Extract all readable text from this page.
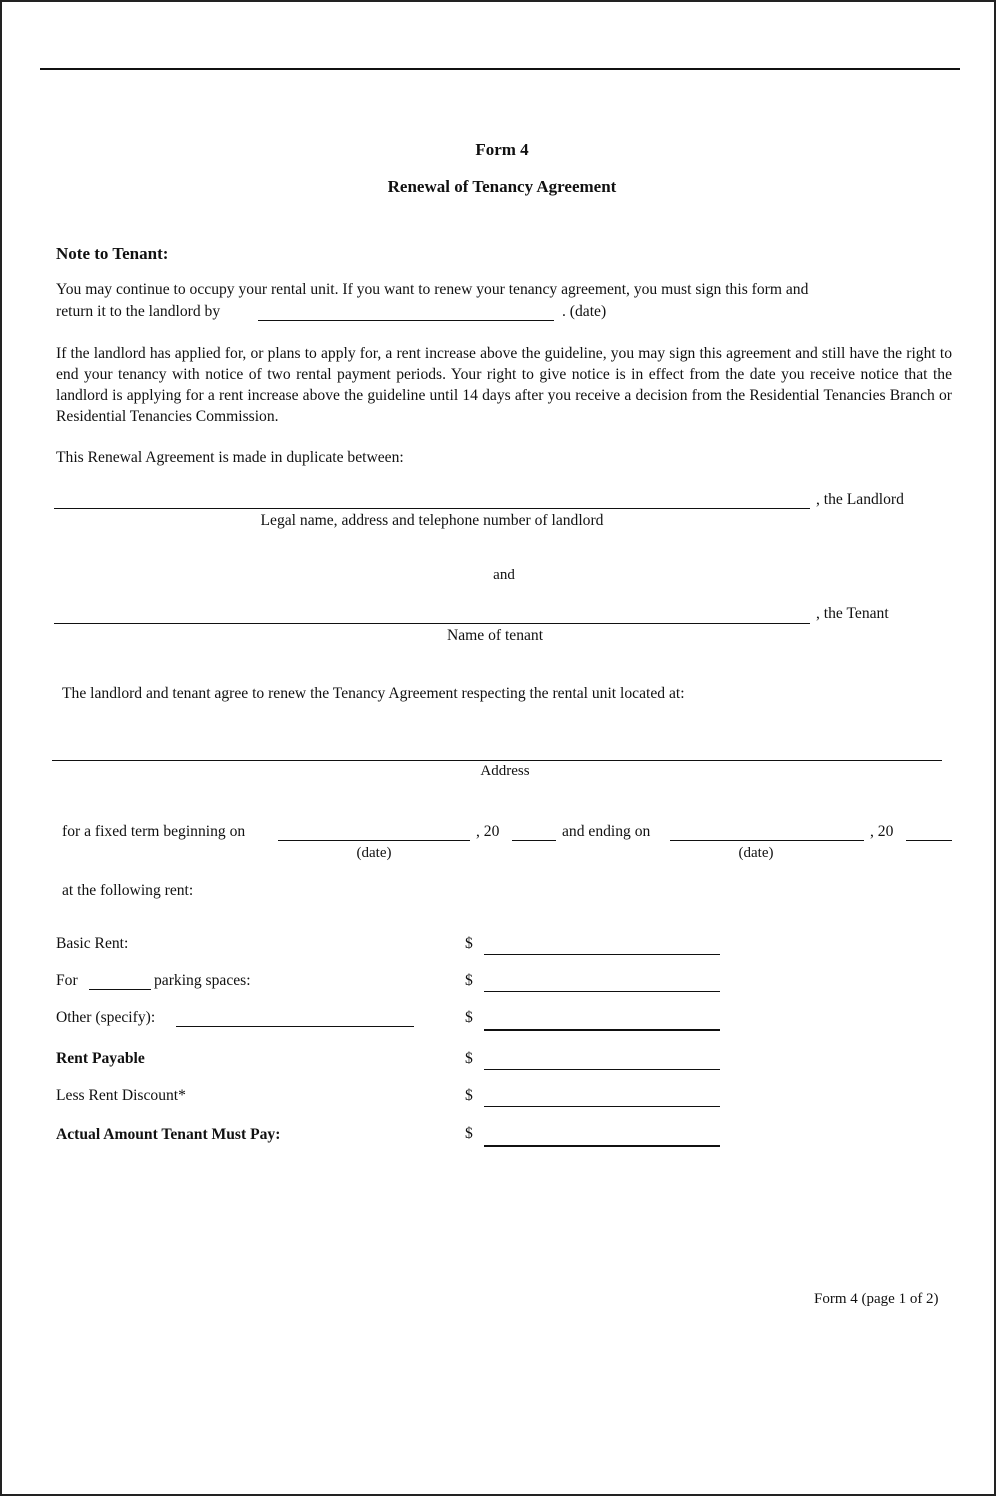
Form 4
Renewal of Tenancy Agreement
Note to Tenant:
You may continue to occupy your rental unit. If you want to renew your tenancy agreement, you must sign this form and
return it to the landlord by	. (date)
If the landlord has applied for, or plans to apply for, a rent increase above the guideline, you may sign this agreement and still have the right to end your tenancy with notice of two rental payment periods. Your right to give notice is in effect from the date you receive notice that the landlord is applying for a rent increase above the guideline until 14 days after you receive a decision from the Residential Tenancies Branch or Residential Tenancies Commission.
This Renewal Agreement is made in duplicate between:
, the Landlord
Legal name, address and telephone number of landlord
and
, the Tenant
Name of tenant
The landlord and tenant agree to renew the Tenancy Agreement respecting the rental unit located at:
Address
for a fixed term beginning on	, 20	and ending on	, 20
(date)	(date)
at the following rent:
Basic Rent:	$
For	parking spaces:	$
Other (specify):	$
Rent Payable	$
Less Rent Discount*	$
Actual Amount Tenant Must Pay:	$
Form 4 (page 1 of 2)
